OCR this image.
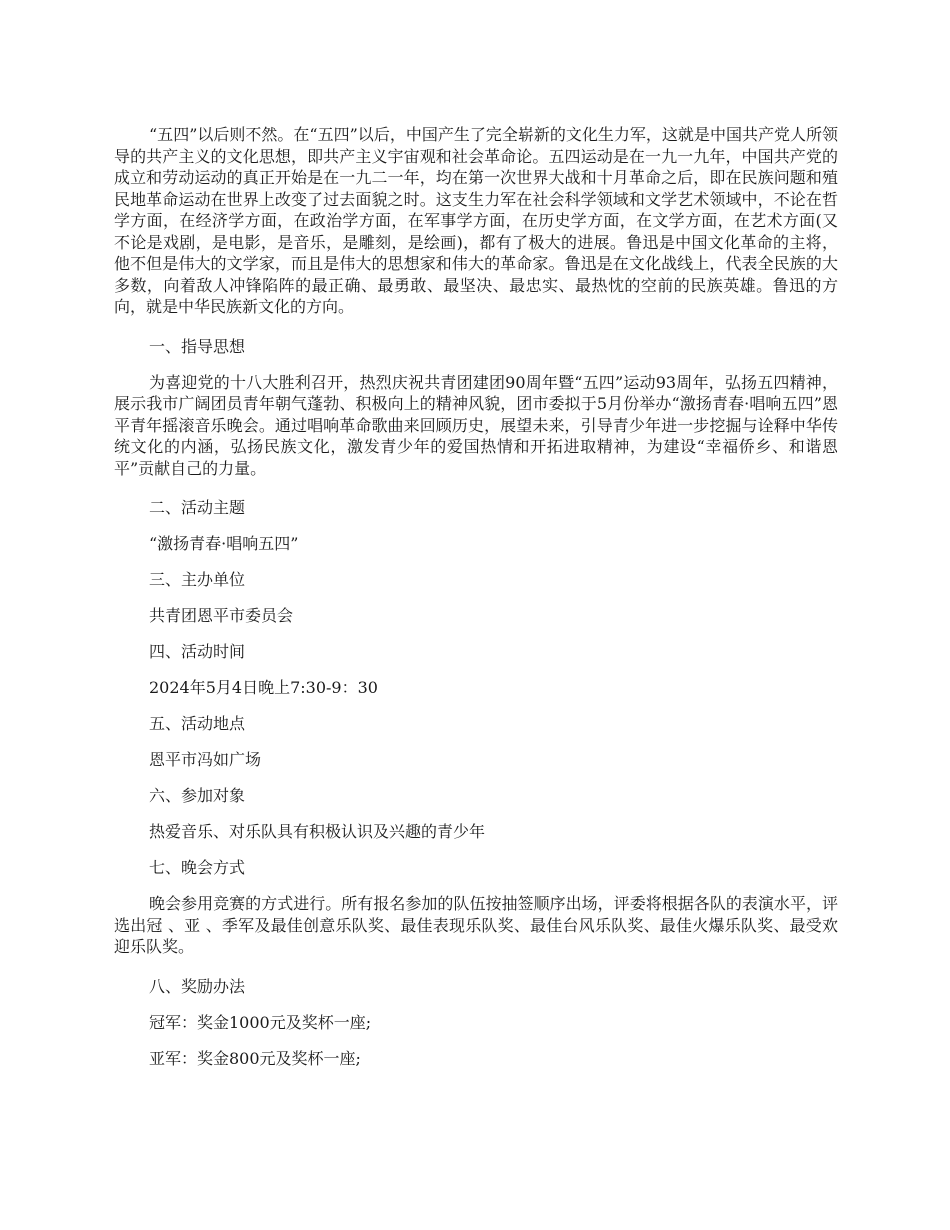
“五四”以后则不然。在“五四”以后，中国产生了完全崭新的文化生力军，这就是中国共产党人所领导的共产主义的文化思想，即共产主义宇宙观和社会革命论。五四运动是在一九一九年，中国共产党的成立和劳动运动的真正开始是在一九二一年，均在第一次世界大战和十月革命之后，即在民族问题和殖民地革命运动在世界上改变了过去面貌之时。这支生力军在社会科学领域和文学艺术领域中，不论在哲学方面，在经济学方面，在政治学方面，在军事学方面，在历史学方面，在文学方面，在艺术方面(又不论是戏剧，是电影，是音乐，是雕刻，是绘画)，都有了极大的进展。鲁迅是中国文化革命的主将，他不但是伟大的文学家，而且是伟大的思想家和伟大的革命家。鲁迅是在文化战线上，代表全民族的大多数，向着敌人冲锋陷阵的最正确、最勇敢、最坚决、最忠实、最热忱的空前的民族英雄。鲁迅的方向，就是中华民族新文化的方向。

一、指导思想

为喜迎党的十八大胜利召开，热烈庆祝共青团建团90周年暨“五四”运动93周年，弘扬五四精神，展示我市广阔团员青年朝气蓬勃、积极向上的精神风貌，团市委拟于5月份举办“激扬青春·唱响五四”恩平青年摇滚音乐晚会。通过唱响革命歌曲来回顾历史，展望未来，引导青少年进一步挖掘与诠释中华传统文化的内涵，弘扬民族文化，激发青少年的爱国热情和开拓进取精神，为建设“幸福侨乡、和谐恩平”贡献自己的力量。

二、活动主题

“激扬青春·唱响五四”

三、主办单位

共青团恩平市委员会

四、活动时间

2024年5月4日晚上7:30-9：30

五、活动地点

恩平市冯如广场

六、参加对象

热爱音乐、对乐队具有积极认识及兴趣的青少年

七、晚会方式

晚会参用竞赛的方式进行。所有报名参加的队伍按抽签顺序出场，评委将根据各队的表演水平，评选出冠 、亚 、季军及最佳创意乐队奖、最佳表现乐队奖、最佳台风乐队奖、最佳火爆乐队奖、最受欢迎乐队奖。

八、奖励办法

冠军：奖金1000元及奖杯一座;

亚军：奖金800元及奖杯一座;
